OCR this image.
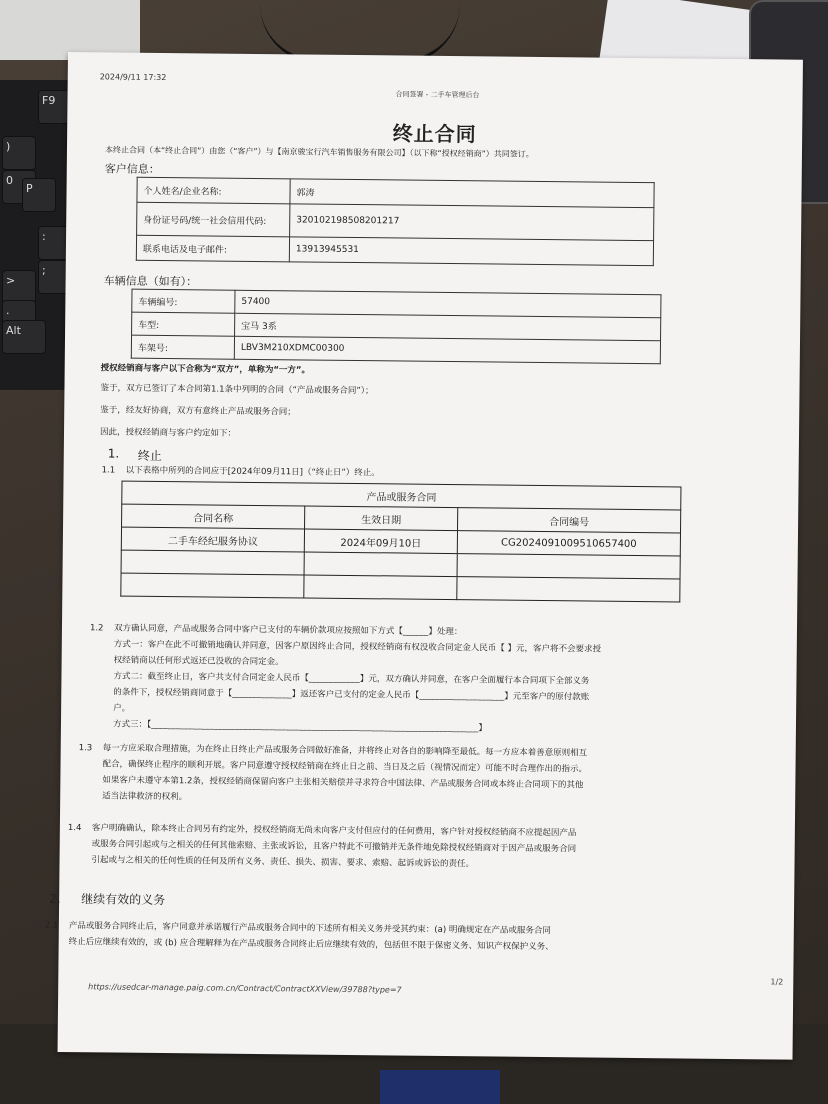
F9
)
0
P
:
;
>
.
Alt
2024/9/11 17:32
合同签署 - 二手车管理后台
终止合同
本终止合同（本“终止合同”）由您（“客户”）与【南京骏宝行汽车销售服务有限公司】（以下称“授权经销商”）共同签订。
客户信息：
个人姓名/企业名称:	郭涛
身份证号码/统一社会信用代码:	320102198508201217
联系电话及电子邮件:	13913945531
车辆信息（如有）：
车辆编号:	57400
车型:	宝马 3系
车架号:	LBV3M210XDMC00300
授权经销商与客户以下合称为“双方”，单称为“一方”。
鉴于，双方已签订了本合同第1.1条中列明的合同（“产品或服务合同”）；
鉴于，经友好协商，双方有意终止产品或服务合同；
因此，授权经销商与客户约定如下：
1. 终止
1.1 以下表格中所列的合同应于[2024年09月11日]（“终止日”）终止。
产品或服务合同		
合同名称	生效日期	合同编号
二手车经纪服务协议	2024年09月10日	CG2024091009510657400

1.2 双方确认同意，产品或服务合同中客户已支付的车辆价款项应按照如下方式【______】处理：
方式一：客户在此不可撤销地确认并同意，因客户原因终止合同，授权经销商有权没收合同定金人民币【 】元，客户将不会要求授
权经销商以任何形式返还已没收的合同定金。
方式二：截至终止日，客户共支付合同定金人民币【____________】元，双方确认并同意，在客户全面履行本合同项下全部义务
的条件下，授权经销商同意于【______________】返还客户已支付的定金人民币【____________________】元至客户的原付款账
户。
方式三：【_____________________________________________________________________________】
1.3 每一方应采取合理措施，为在终止日终止产品或服务合同做好准备，并将终止对各自的影响降至最低。每一方应本着善意原则相互
配合，确保终止程序的顺利开展。客户同意遵守授权经销商在终止日之前、当日及之后（视情况而定）可能不时合理作出的指示。
如果客户未遵守本第1.2条，授权经销商保留向客户主张相关赔偿并寻求符合中国法律、产品或服务合同或本终止合同项下的其他
适当法律救济的权利。
1.4 客户明确确认，除本终止合同另有约定外，授权经销商无尚未向客户支付但应付的任何费用，客户针对授权经销商不应提起因产品
或服务合同引起或与之相关的任何其他索赔、主张或诉讼，且客户特此不可撤销并无条件地免除授权经销商对于因产品或服务合同
引起或与之相关的任何性质的任何及所有义务、责任、损失、损害、要求、索赔、起诉或诉讼的责任。
2. 继续有效的义务
2.1 产品或服务合同终止后，客户同意并承诺履行产品或服务合同中的下述所有相关义务并受其约束：(a) 明确规定在产品或服务合同
终止后应继续有效的，或 (b) 应合理解释为在产品或服务合同终止后应继续有效的，包括但不限于保密义务、知识产权保护义务、
1/2
https://usedcar-manage.paig.com.cn/Contract/ContractXXView/39788?type=7
